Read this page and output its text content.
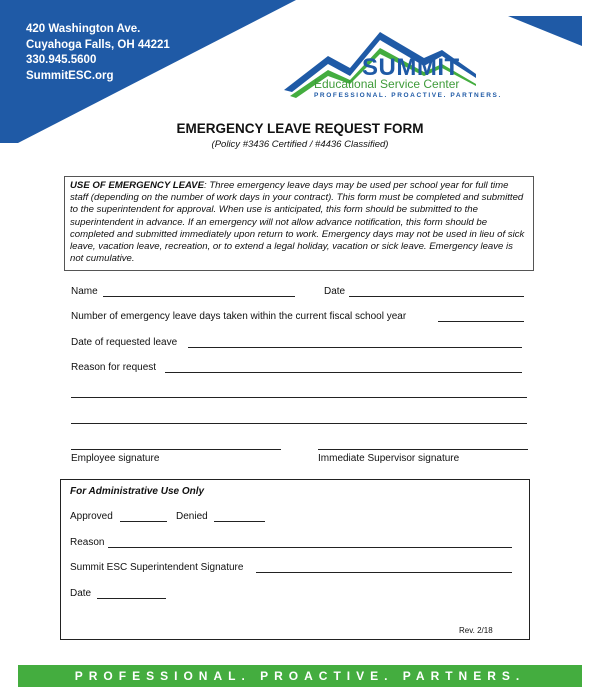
420 Washington Ave.
Cuyahoga Falls, OH 44221
330.945.5600
SummitESC.org	SUMMIT
Educational Service Center
PROFESSIONAL. PROACTIVE. PARTNERS.
EMERGENCY LEAVE REQUEST FORM
(Policy #3436 Certified / #4436 Classified)
USE OF EMERGENCY LEAVE: Three emergency leave days may be used per school year for full time staff (depending on the number of work days in your contract). This form must be completed and submitted to the superintendent for approval. When use is anticipated, this form should be submitted to the superintendent in advance. If an emergency will not allow advance notification, this form should be completed and submitted immediately upon return to work. Emergency days may not be used in lieu of sick leave, vacation leave, recreation, or to extend a legal holiday, vacation or sick leave. Emergency leave is not cumulative.
Name	Date
Number of emergency leave days taken within the current fiscal school year
Date of requested leave
Reason for request
Employee signature	Immediate Supervisor signature
For Administrative Use Only
Approved	Denied
Reason
Summit ESC Superintendent Signature
Date
Rev. 2/18
PROFESSIONAL. PROACTIVE. PARTNERS.
